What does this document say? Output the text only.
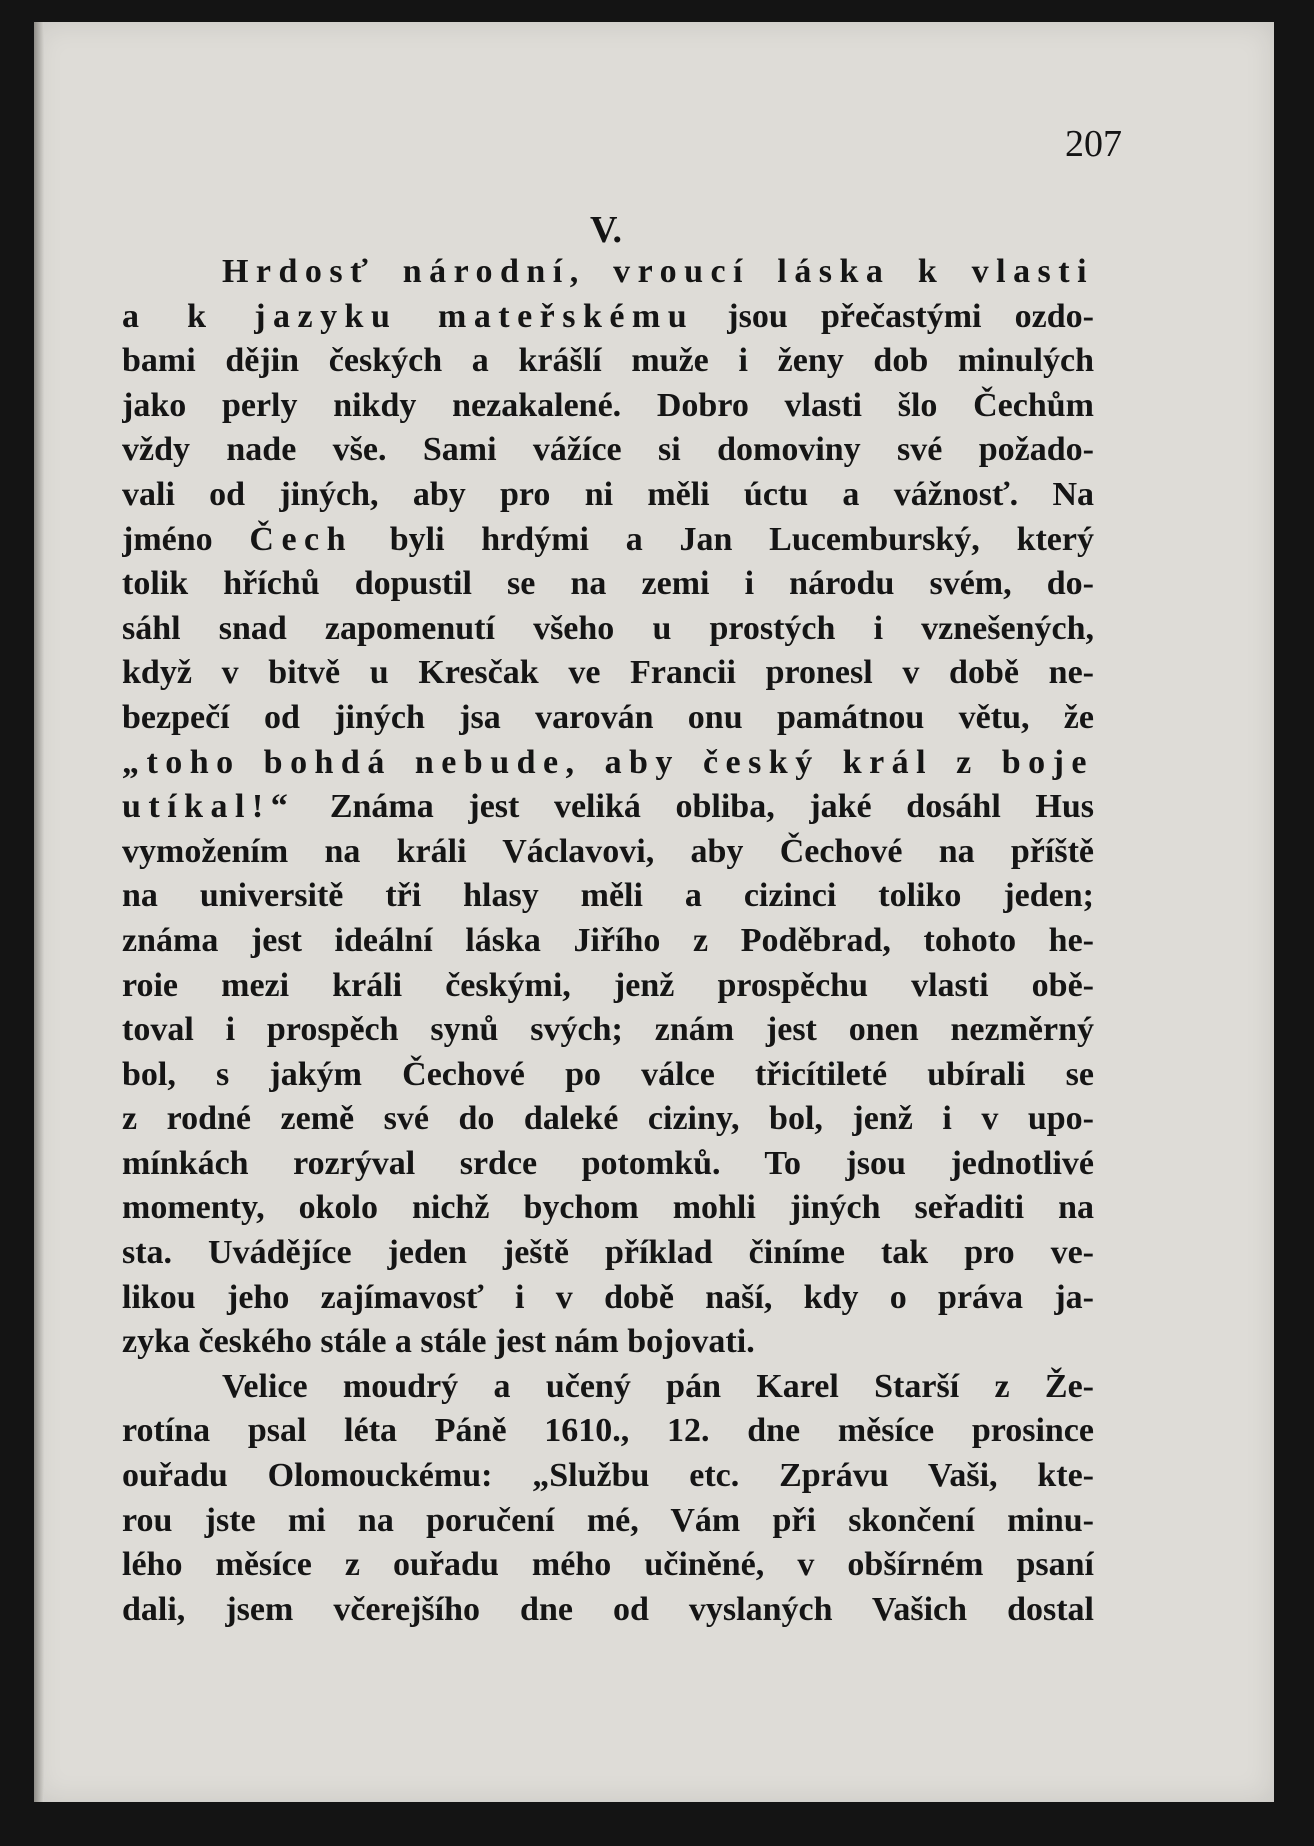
207

V.

Hrdosť národní, vroucí láska k vlasti
a k jazyku mateřskému jsou přečastými ozdo-
bami dějin českých a krášlí muže i ženy dob minulých
jako perly nikdy nezakalené. Dobro vlasti šlo Čechům
vždy nade vše. Sami vážíce si domoviny své požado-
vali od jiných, aby pro ni měli úctu a vážnosť. Na
jméno Čech byli hrdými a Jan Lucemburský, který
tolik hříchů dopustil se na zemi i národu svém, do-
sáhl snad zapomenutí všeho u prostých i vznešených,
když v bitvě u Kresčak ve Francii pronesl v době ne-
bezpečí od jiných jsa varován onu památnou větu, že
„toho bohdá nebude, aby český král z boje
utíkal!“ Známa jest veliká obliba, jaké dosáhl Hus
vymožením na králi Václavovi, aby Čechové na příště
na universitě tři hlasy měli a cizinci toliko jeden;
známa jest ideální láska Jiřího z Poděbrad, tohoto he-
roie mezi králi českými, jenž prospěchu vlasti obě-
toval i prospěch synů svých; znám jest onen nezměrný
bol, s jakým Čechové po válce třicítileté ubírali se
z rodné země své do daleké ciziny, bol, jenž i v upo-
mínkách rozrýval srdce potomků. To jsou jednotlivé
momenty, okolo nichž bychom mohli jiných seřaditi na
sta. Uvádějíce jeden ještě příklad činíme tak pro ve-
likou jeho zajímavosť i v době naší, kdy o práva ja-
zyka českého stále a stále jest nám bojovati.
Velice moudrý a učený pán Karel Starší z Že-
rotína psal léta Páně 1610., 12. dne měsíce prosince
ouřadu Olomouckému: „Službu etc. Zprávu Vaši, kte-
rou jste mi na poručení mé, Vám při skončení minu-
lého měsíce z ouřadu mého učiněné, v obšírném psaní
dali, jsem včerejšího dne od vyslaných Vašich dostal
